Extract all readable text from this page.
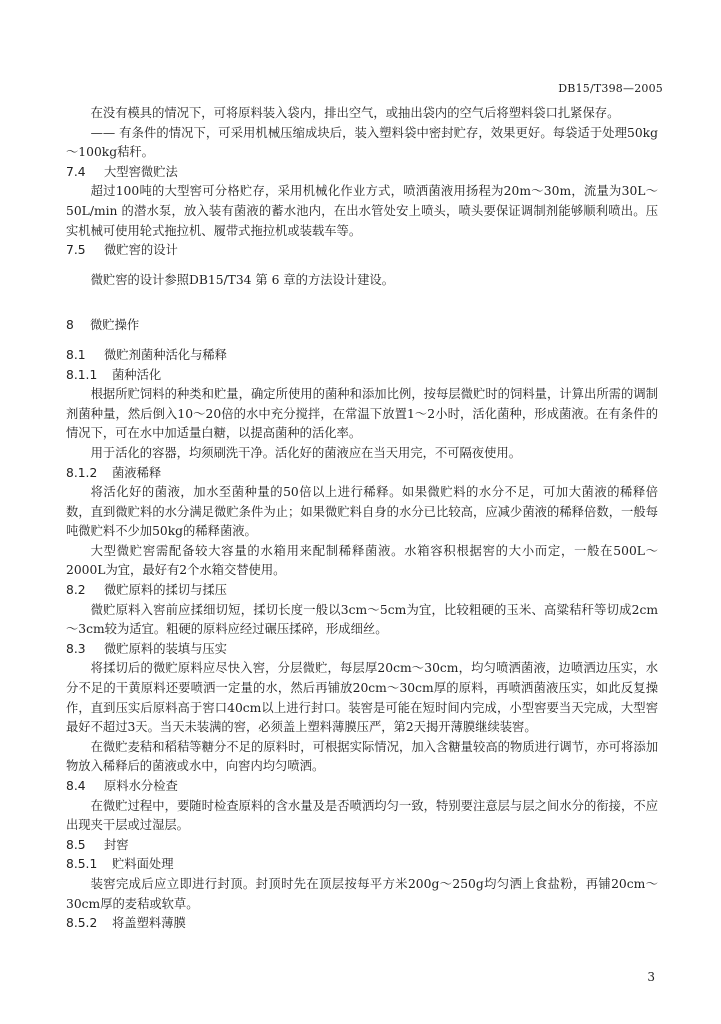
DB15/T398—2005

在没有模具的情况下，可将原料装入袋内，排出空气，或抽出袋内的空气后将塑料袋口扎紧保存。

—— 有条件的情况下，可采用机械压缩成块后，装入塑料袋中密封贮存，效果更好。每袋适于处理50kg～100kg秸秆。

7.4 大型窖微贮法

超过100吨的大型窖可分格贮存，采用机械化作业方式，喷洒菌液用扬程为20m～30m，流量为30L～50L/min 的潜水泵，放入装有菌液的蓄水池内，在出水管处安上喷头，喷头要保证调制剂能够顺利喷出。压实机械可使用轮式拖拉机、履带式拖拉机或装载车等。

7.5 微贮窖的设计

微贮窖的设计参照DB15/T34 第 6 章的方法设计建设。

8 微贮操作

8.1 微贮剂菌种活化与稀释

8.1.1 菌种活化

根据所贮饲料的种类和贮量，确定所使用的菌种和添加比例，按每层微贮时的饲料量，计算出所需的调制剂菌种量，然后倒入10～20倍的水中充分搅拌，在常温下放置1～2小时，活化菌种，形成菌液。在有条件的情况下，可在水中加适量白糖，以提高菌种的活化率。

用于活化的容器，均须刷洗干净。活化好的菌液应在当天用完，不可隔夜使用。

8.1.2 菌液稀释

将活化好的菌液，加水至菌种量的50倍以上进行稀释。如果微贮料的水分不足，可加大菌液的稀释倍数，直到微贮料的水分满足微贮条件为止；如果微贮料自身的水分已比较高，应减少菌液的稀释倍数，一般每吨微贮料不少加50kg的稀释菌液。

大型微贮窖需配备较大容量的水箱用来配制稀释菌液。水箱容积根据窖的大小而定，一般在500L～2000L为宜，最好有2个水箱交替使用。

8.2 微贮原料的揉切与揉压

微贮原料入窖前应揉细切短，揉切长度一般以3cm～5cm为宜，比较粗硬的玉米、高粱秸秆等切成2cm～3cm较为适宜。粗硬的原料应经过碾压揉碎，形成细丝。

8.3 微贮原料的装填与压实

将揉切后的微贮原料应尽快入窖，分层微贮，每层厚20cm～30cm，均匀喷洒菌液，边喷洒边压实，水分不足的干黄原料还要喷洒一定量的水，然后再铺放20cm～30cm厚的原料，再喷洒菌液压实，如此反复操作，直到压实后原料高于窖口40cm以上进行封口。装窖是可能在短时间内完成，小型窖要当天完成，大型窖最好不超过3天。当天未装满的窖，必须盖上塑料薄膜压严，第2天揭开薄膜继续装窖。

在微贮麦秸和稻秸等糖分不足的原料时，可根据实际情况，加入含糖量较高的物质进行调节，亦可将添加物放入稀释后的菌液或水中，向窖内均匀喷洒。

8.4 原料水分检查

在微贮过程中，要随时检查原料的含水量及是否喷洒均匀一致，特别要注意层与层之间水分的衔接，不应出现夹干层或过湿层。

8.5 封窖

8.5.1 贮料面处理

装窖完成后应立即进行封顶。封顶时先在顶层按每平方米200g～250g均匀洒上食盐粉，再铺20cm～30cm厚的麦秸或软草。

8.5.2 将盖塑料薄膜

3
